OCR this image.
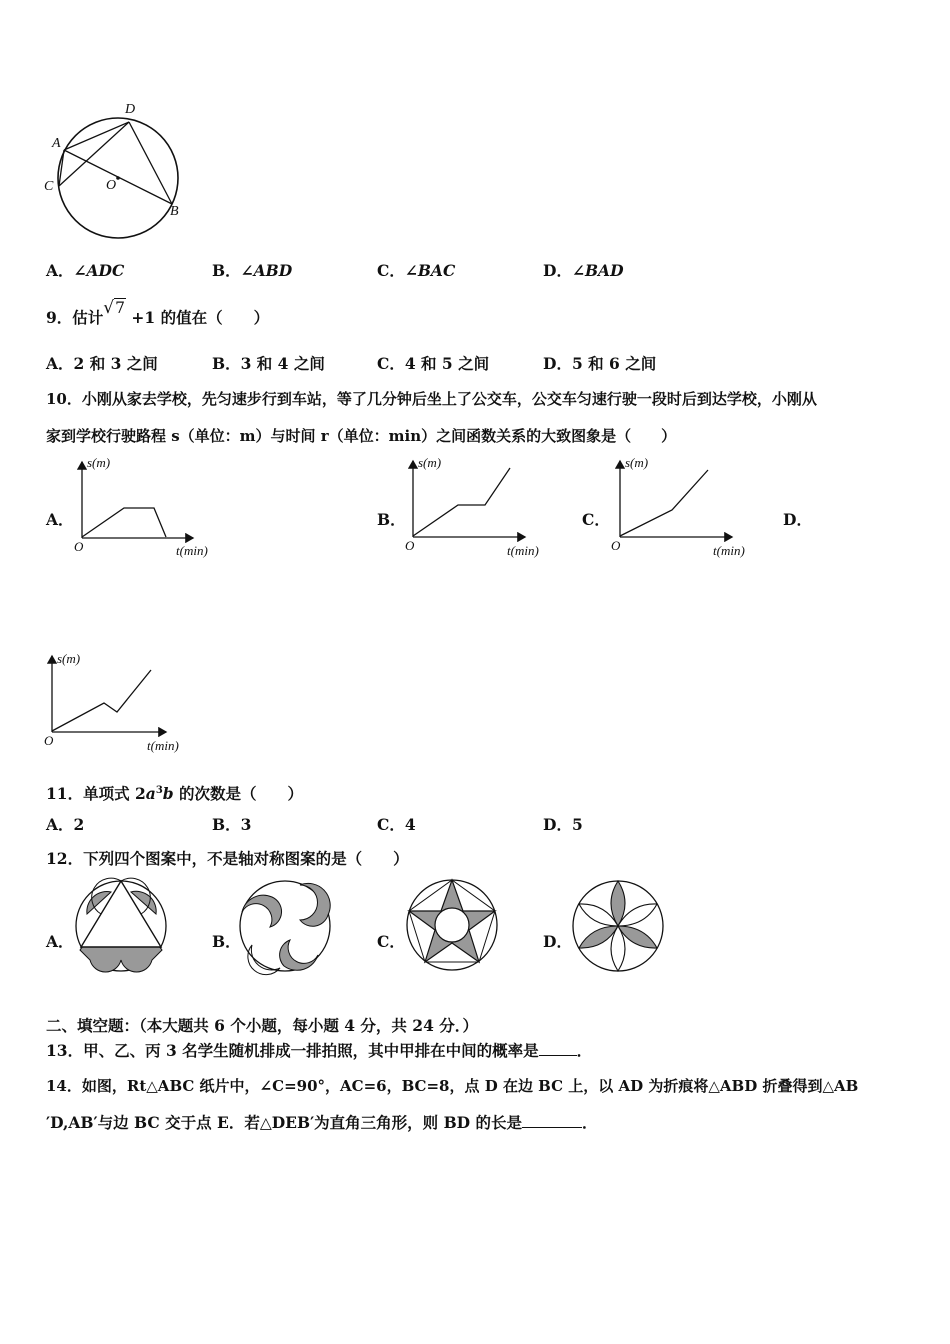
D
A
C	O
B
A．∠ADC	B．∠ABD	C．∠BAC	D．∠BAD
9．估计√7 +1 的值在（　　）
A．2 和 3 之间	B．3 和 4 之间	C．4 和 5 之间	D．5 和 6 之间
10．小刚从家去学校，先匀速步行到车站，等了几分钟后坐上了公交车，公交车匀速行驶一段时后到达学校，小刚从
家到学校行驶路程 s（单位：m）与时间 r（单位：min）之间函数关系的大致图象是（　　）
A．
s(m)
O	t(min)
B．
s(m)
O	t(min)
C．
s(m)
O	t(min)
D．
s(m)
O	t(min)
11．单项式 $2a^3b$ 的次数是（　　）
A．2	B．3	C．4	D．5
12．下列四个图案中，不是轴对称图案的是（　　）
A．	B．	C．	D．
二、填空题：（本大题共 6 个小题，每小题 4 分，共 24 分．）
13．甲、乙、丙 3 名学生随机排成一排拍照，其中甲排在中间的概率是 ．
14．如图，Rt△ABC 纸片中，∠C=90°，AC=6，BC=8，点 D 在边 BC 上，以 AD 为折痕将△ABD 折叠得到△AB
′D,AB′与边 BC 交于点 E．若△DEB′为直角三角形，则 BD 的长是	．
